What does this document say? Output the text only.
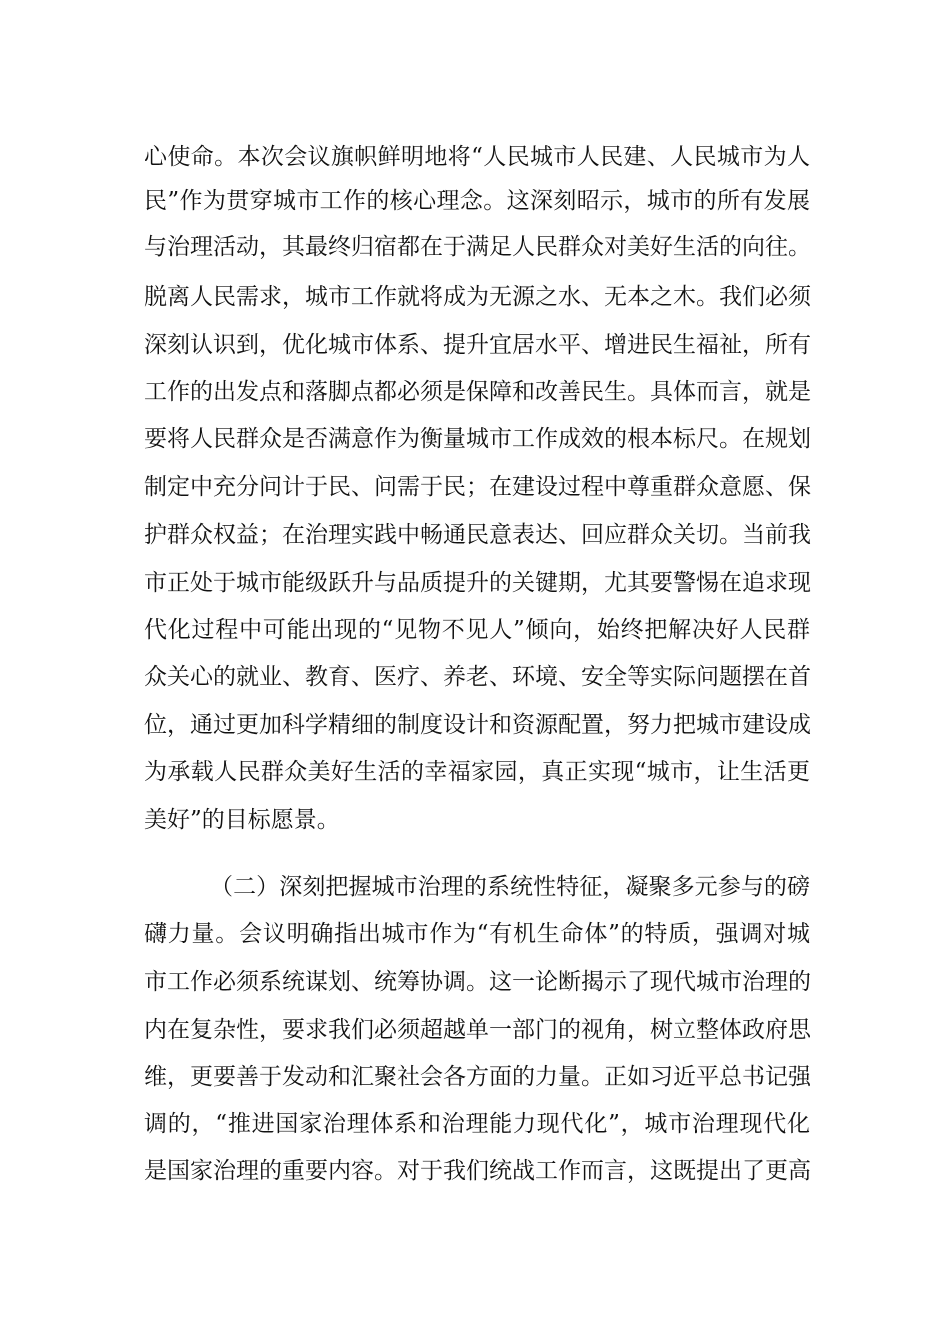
心使命。本次会议旗帜鲜明地将“人民城市人民建、人民城市为人
民”作为贯穿城市工作的核心理念。这深刻昭示，城市的所有发展
与治理活动，其最终归宿都在于满足人民群众对美好生活的向往。
脱离人民需求，城市工作就将成为无源之水、无本之木。我们必须
深刻认识到，优化城市体系、提升宜居水平、增进民生福祉，所有
工作的出发点和落脚点都必须是保障和改善民生。具体而言，就是
要将人民群众是否满意作为衡量城市工作成效的根本标尺。在规划
制定中充分问计于民、问需于民；在建设过程中尊重群众意愿、保
护群众权益；在治理实践中畅通民意表达、回应群众关切。当前我
市正处于城市能级跃升与品质提升的关键期，尤其要警惕在追求现
代化过程中可能出现的“见物不见人”倾向，始终把解决好人民群
众关心的就业、教育、医疗、养老、环境、安全等实际问题摆在首
位，通过更加科学精细的制度设计和资源配置，努力把城市建设成
为承载人民群众美好生活的幸福家园，真正实现“城市，让生活更
美好”的目标愿景。
（二）深刻把握城市治理的系统性特征，凝聚多元参与的磅
礴力量。会议明确指出城市作为“有机生命体”的特质，强调对城
市工作必须系统谋划、统筹协调。这一论断揭示了现代城市治理的
内在复杂性，要求我们必须超越单一部门的视角，树立整体政府思
维，更要善于发动和汇聚社会各方面的力量。正如习近平总书记强
调的，“推进国家治理体系和治理能力现代化”，城市治理现代化
是国家治理的重要内容。对于我们统战工作而言，这既提出了更高
